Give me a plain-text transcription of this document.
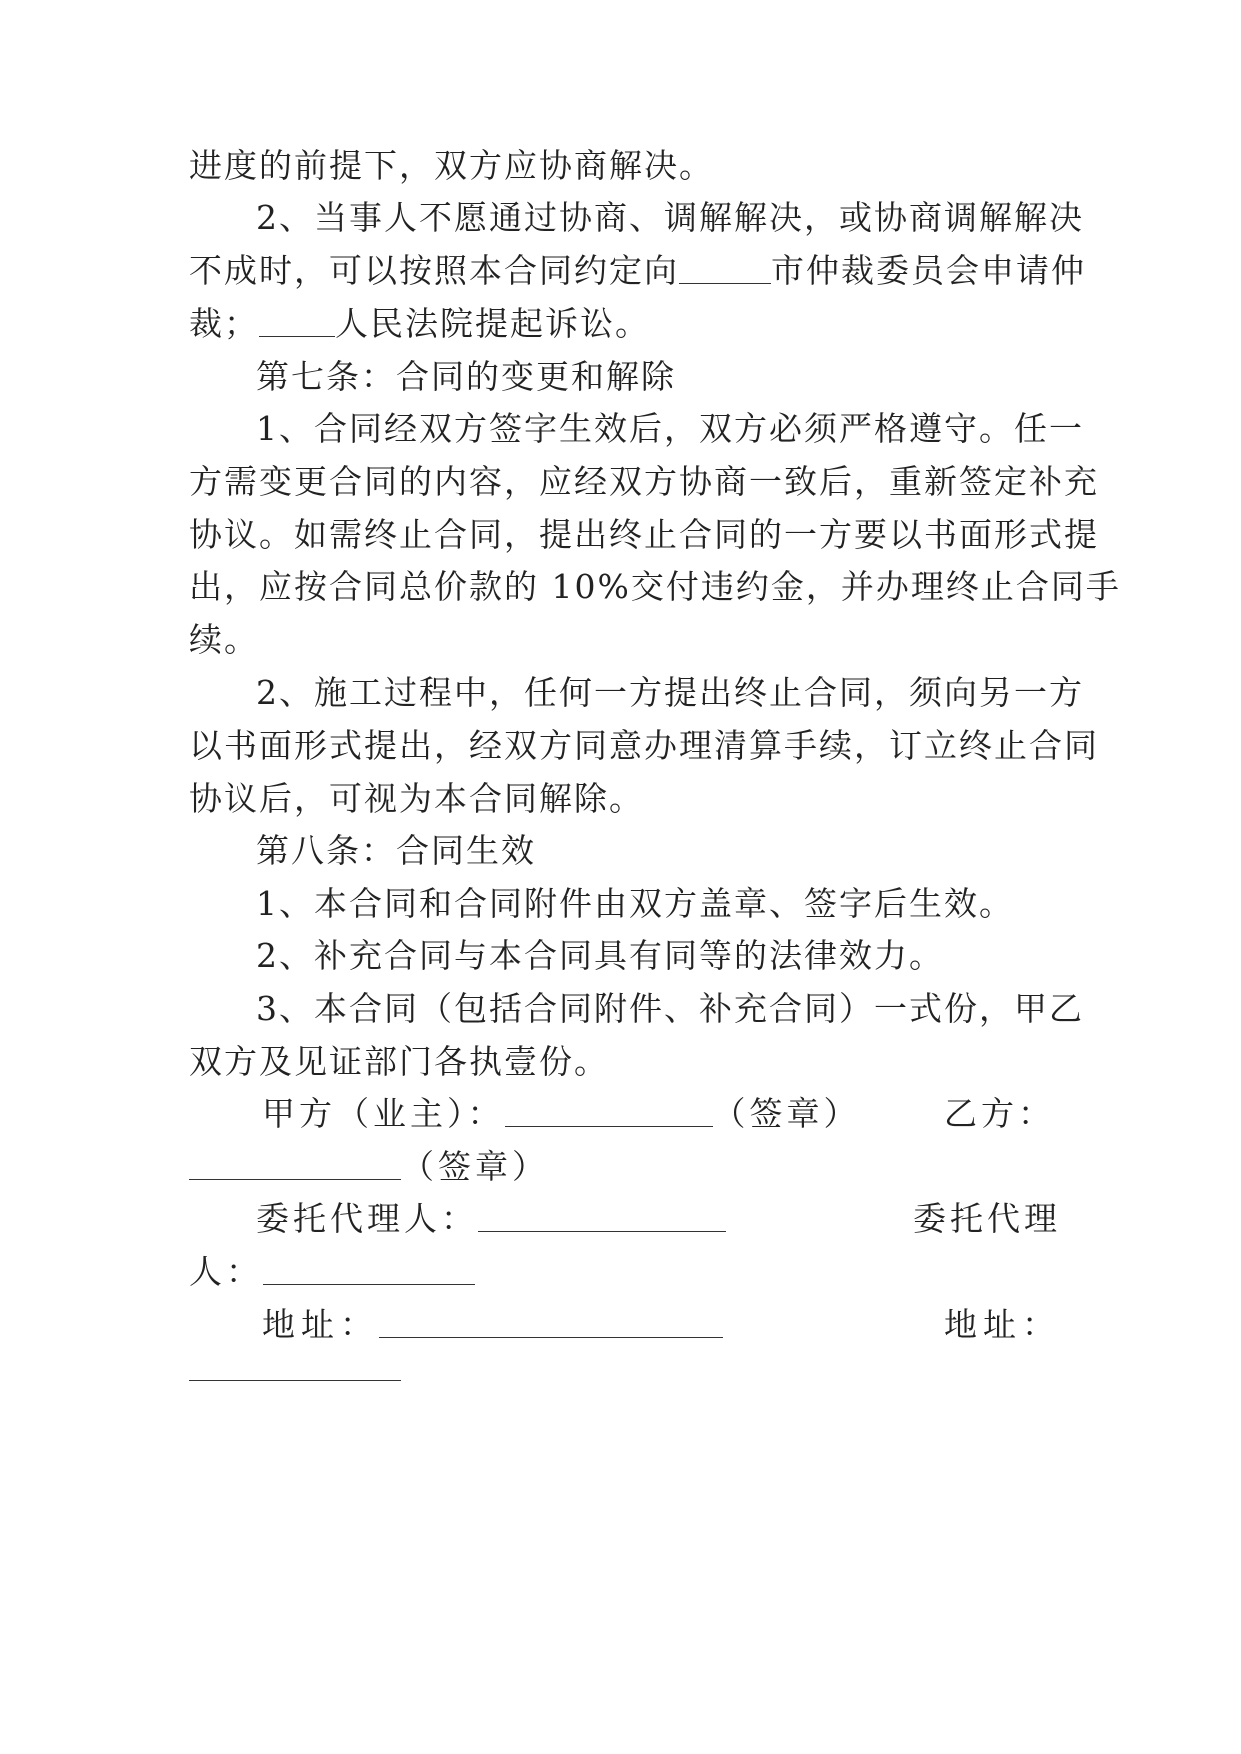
进度的前提下，双方应协商解决。
2、当事人不愿通过协商、调解解决，或协商调解解决
不成时，可以按照本合同约定向	市仲裁委员会申请仲
裁； 人民法院提起诉讼。
第七条：合同的变更和解除
1、合同经双方签字生效后，双方必须严格遵守。任一
方需变更合同的内容，应经双方协商一致后，重新签定补充
协议。如需终止合同，提出终止合同的一方要以书面形式提
出，应按合同总价款的 10%交付违约金，并办理终止合同手
续。
2、施工过程中，任何一方提出终止合同，须向另一方
以书面形式提出，经双方同意办理清算手续，订立终止合同
协议后，可视为本合同解除。
第八条：合同生效
1、本合同和合同附件由双方盖章、签字后生效。
2、补充合同与本合同具有同等的法律效力。
3、本合同（包括合同附件、补充合同）一式份，甲乙
双方及见证部门各执壹份。
甲方（业主）：	（签章）	乙方：
（签章）
委托代理人：	委托代理
人：
地址：	地址：
